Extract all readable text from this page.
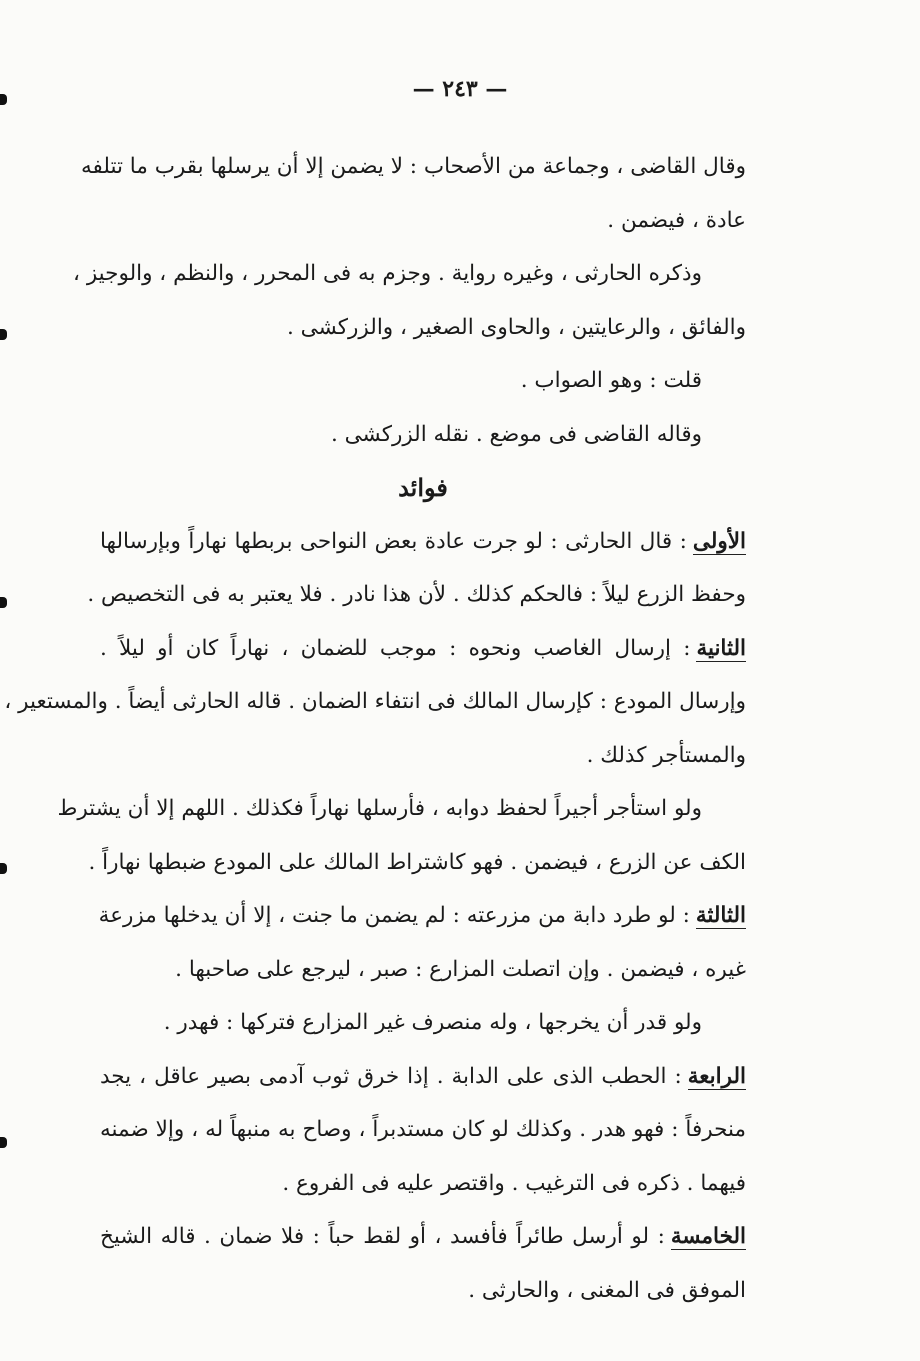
— ٢٤٣ —
وقال القاضى ، وجماعة من الأصحاب : لا يضمن إلا أن يرسلها بقرب ما تتلفه
عادة ، فيضمن .
وذكره الحارثى ، وغيره رواية . وجزم به فى المحرر ، والنظم ، والوجيز ،
والفائق ، والرعايتين ، والحاوى الصغير ، والزركشى .
قلت : وهو الصواب .
وقاله القاضى فى موضع . نقله الزركشى .
فوائد
الأولى: قال الحارثى : لو جرت عادة بعض النواحى بربطها نهاراً وبإرسالها
وحفظ الزرع ليلاً : فالحكم كذلك . لأن هذا نادر . فلا يعتبر به فى التخصيص .
الثانية: إرسال الغاصب ونحوه : موجب للضمان ، نهاراً كان أو ليلاً .
وإرسال المودع : كإرسال المالك فى انتفاء الضمان . قاله الحارثى أيضاً . والمستعير ،
والمستأجر كذلك .
ولو استأجر أجيراً لحفظ دوابه ، فأرسلها نهاراً فكذلك . اللهم إلا أن يشترط
الكف عن الزرع ، فيضمن . فهو كاشتراط المالك على المودع ضبطها نهاراً .
الثالثة: لو طرد دابة من مزرعته : لم يضمن ما جنت ، إلا أن يدخلها مزرعة
غيره ، فيضمن . وإن اتصلت المزارع : صبر ، ليرجع على صاحبها .
ولو قدر أن يخرجها ، وله منصرف غير المزارع فتركها : فهدر .
الرابعة: الحطب الذى على الدابة . إذا خرق ثوب آدمى بصير عاقل ، يجد
منحرفاً : فهو هدر . وكذلك لو كان مستدبراً ، وصاح به منبهاً له ، وإلا ضمنه
فيهما . ذكره فى الترغيب . واقتصر عليه فى الفروع .
الخامسة: لو أرسل طائراً فأفسد ، أو لقط حباً : فلا ضمان . قاله الشيخ
الموفق فى المغنى ، والحارثى .
